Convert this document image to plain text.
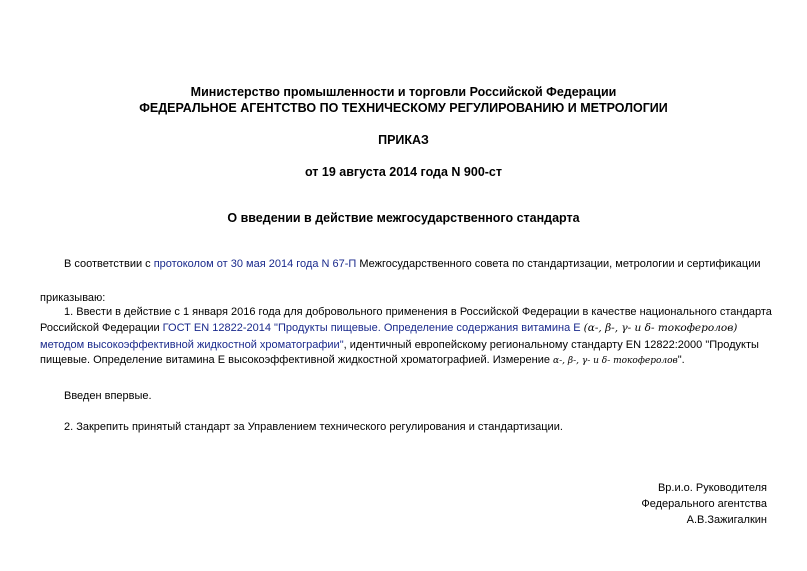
Министерство промышленности и торговли Российской Федерации
ФЕДЕРАЛЬНОЕ АГЕНТСТВО ПО ТЕХНИЧЕСКОМУ РЕГУЛИРОВАНИЮ И МЕТРОЛОГИИ
ПРИКАЗ
от 19 августа 2014 года N 900-ст
О введении в действие межгосударственного стандарта
В соответствии с протоколом от 30 мая 2014 года N 67-П Межгосударственного совета по стандартизации, метрологии и сертификации
приказываю:
1. Ввести в действие с 1 января 2016 года для добровольного применения в Российской Федерации в качестве национального стандарта
Российской Федерации ГОСТ EN 12822-2014 "Продукты пищевые. Определение содержания витамина Е (α-, β-, γ- и δ- токоферолов)
методом высокоэффективной жидкостной хроматографии", идентичный европейскому региональному стандарту EN 12822:2000 "Продукты
пищевые. Определение витамина Е высокоэффективной жидкостной хроматографией. Измерение α-, β-, γ- и δ- токоферолов".
Введен впервые.
2. Закрепить принятый стандарт за Управлением технического регулирования и стандартизации.
Вр.и.о. Руководителя
Федерального агентства
А.В.Зажигалкин
